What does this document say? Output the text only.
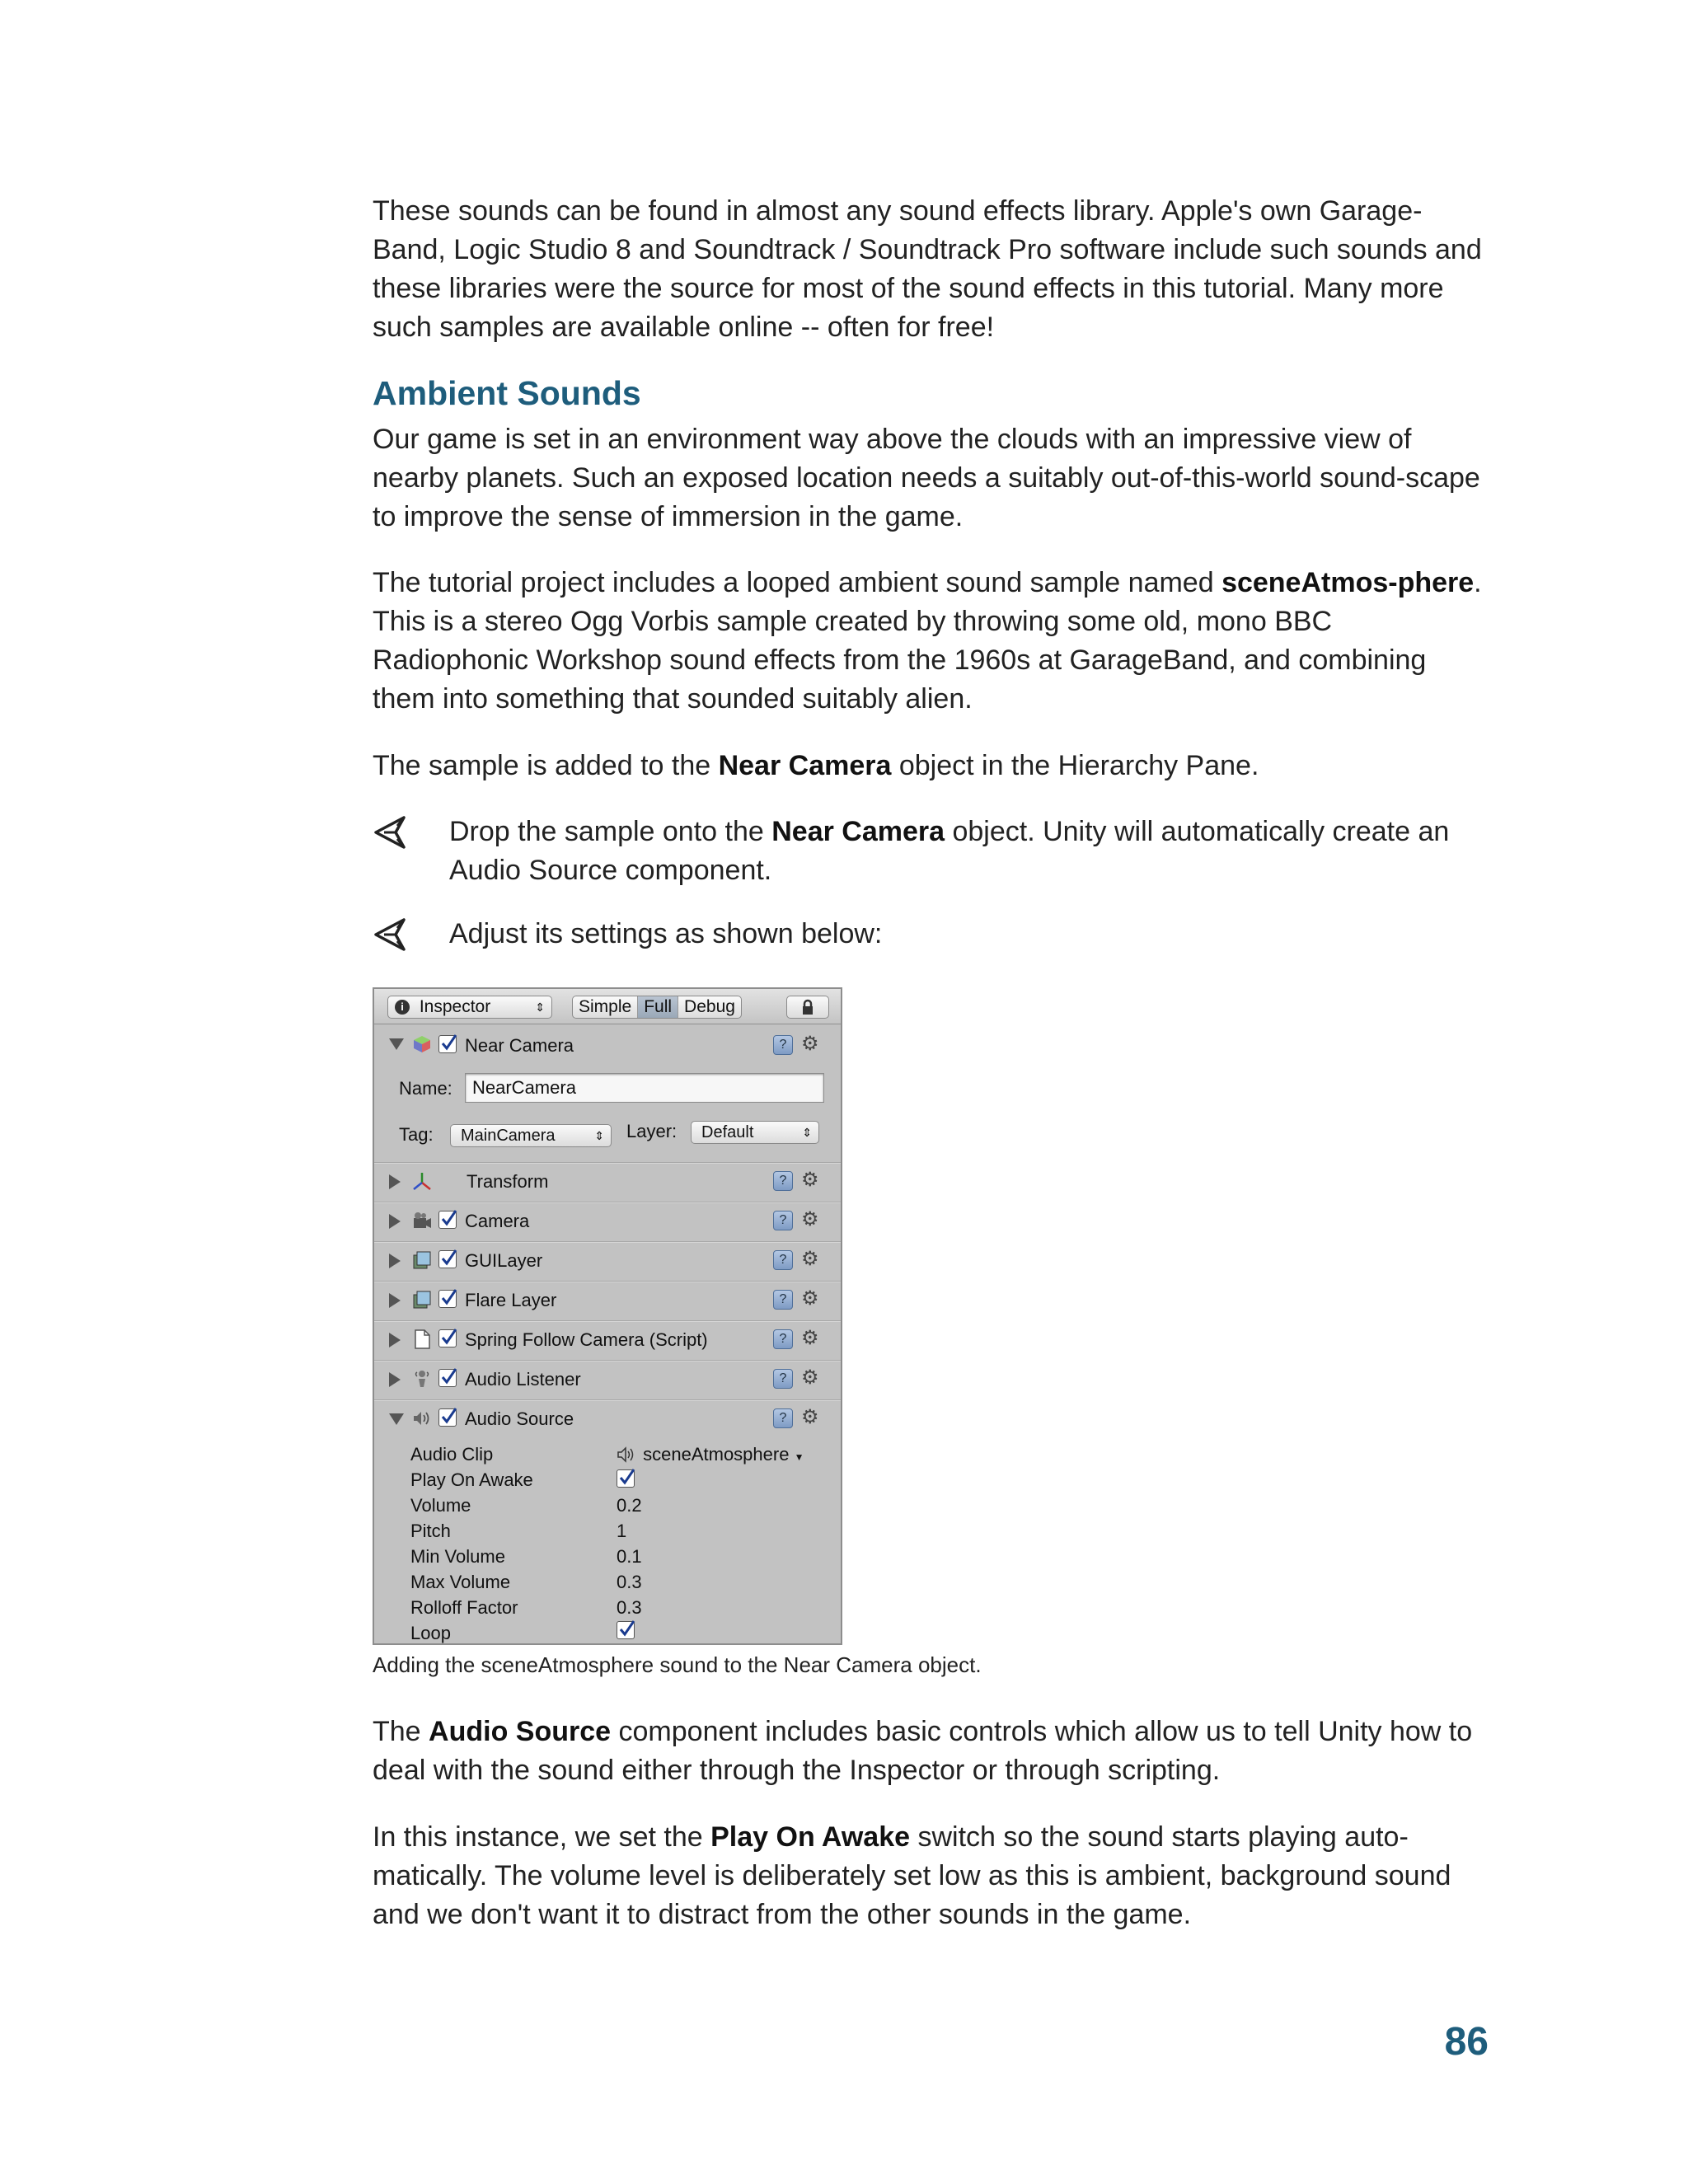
These sounds can be found in almost any sound effects library. Apple's own Garage-Band, Logic Studio 8 and Soundtrack / Soundtrack Pro software include such sounds and these libraries were the source for most of the sound effects in this tutorial. Many more such samples are available online -- often for free!

Ambient Sounds

Our game is set in an environment way above the clouds with an impressive view of nearby planets. Such an exposed location needs a suitably out-of-this-world sound-scape to improve the sense of immersion in the game.

The tutorial project includes a looped ambient sound sample named sceneAtmos-phere. This is a stereo Ogg Vorbis sample created by throwing some old, mono BBC Radiophonic Workshop sound effects from the 1960s at GarageBand, and combining them into something that sounded suitably alien.

The sample is added to the Near Camera object in the Hierarchy Pane.

Drop the sample onto the Near Camera object. Unity will automatically create an Audio Source component.

Adjust its settings as shown below:

i Inspector	⇕	Simple Full Debug
Near Camera	? ⚙
Name:	NearCamera
Tag:	MainCamera	⇕ Layer:	Default	⇕
Transform	? ⚙
Camera	? ⚙
GUILayer	? ⚙
Flare Layer	? ⚙
Spring Follow Camera (Script)	? ⚙
Audio Listener	? ⚙
Audio Source	? ⚙
Audio Clip	sceneAtmosphere ▼
Play On Awake
Volume	0.2
Pitch	1
Min Volume	0.1
Max Volume	0.3
Rolloff Factor	0.3
Loop

Adding the sceneAtmosphere sound to the Near Camera object.

The Audio Source component includes basic controls which allow us to tell Unity how to deal with the sound either through the Inspector or through scripting.

In this instance, we set the Play On Awake switch so the sound starts playing auto-matically. The volume level is deliberately set low as this is ambient, background sound and we don't want it to distract from the other sounds in the game.

86
